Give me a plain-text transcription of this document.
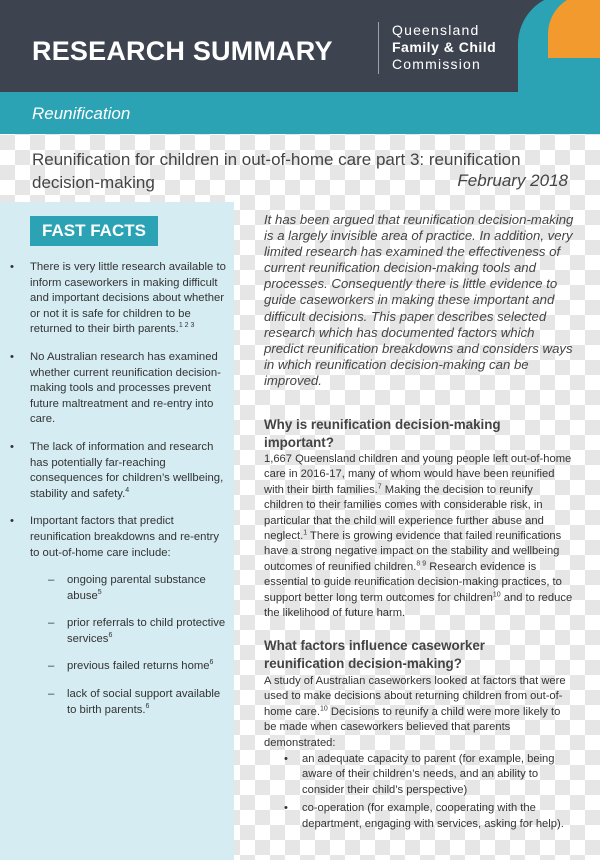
RESEARCH SUMMARY
Queensland
Family & Child
Commission
Reunification
Reunification for children in out-of-home care part 3: reunification decision-making	February 2018
FAST FACTS
• There is very little research available to inform caseworkers in making difficult and important decisions about whether or not it is safe for children to be returned to their birth parents.$^{1 2 3}$
• No Australian research has examined whether current reunification decision-making tools and processes prevent future maltreatment and re-entry into care.
• The lack of information and research has potentially far-reaching consequences for children’s wellbeing, stability and safety.$^4$
• Important factors that predict reunification breakdowns and re-entry to out-of-home care include:
– ongoing parental substance abuse$^5$
– prior referrals to child protective services$^6$
– previous failed returns home$^6$
– lack of social support available to birth parents.$^6$
It has been argued that reunification decision-making is a largely invisible area of practice. In addition, very limited research has examined the effectiveness of current reunification decision-making tools and processes. Consequently there is little evidence to guide caseworkers in making these important and difficult decisions. This paper describes selected research which has documented factors which predict reunification breakdowns and considers ways in which reunification decision-making can be improved.
Why is reunification decision-making important?
1,667 Queensland children and young people left out-of-home care in 2016-17, many of whom would have been reunified with their birth families.$^7$ Making the decision to reunify children to their families comes with considerable risk, in particular that the child will experience further abuse and neglect.$^1$ There is growing evidence that failed reunifications have a strong negative impact on the stability and wellbeing outcomes of reunified children.$^{8 9}$ Research evidence is essential to guide reunification decision-making practices, to support better long term outcomes for children$^{10}$ and to reduce the likelihood of future harm.
What factors influence caseworker reunification decision-making?
A study of Australian caseworkers looked at factors that were used to make decisions about returning children from out-of-home care.$^{10}$ Decisions to reunify a child were more likely to be made when caseworkers believed that parents demonstrated:
• an adequate capacity to parent (for example, being aware of their children’s needs, and an ability to consider their child’s perspective)
• co-operation (for example, cooperating with the department, engaging with services, asking for help).
